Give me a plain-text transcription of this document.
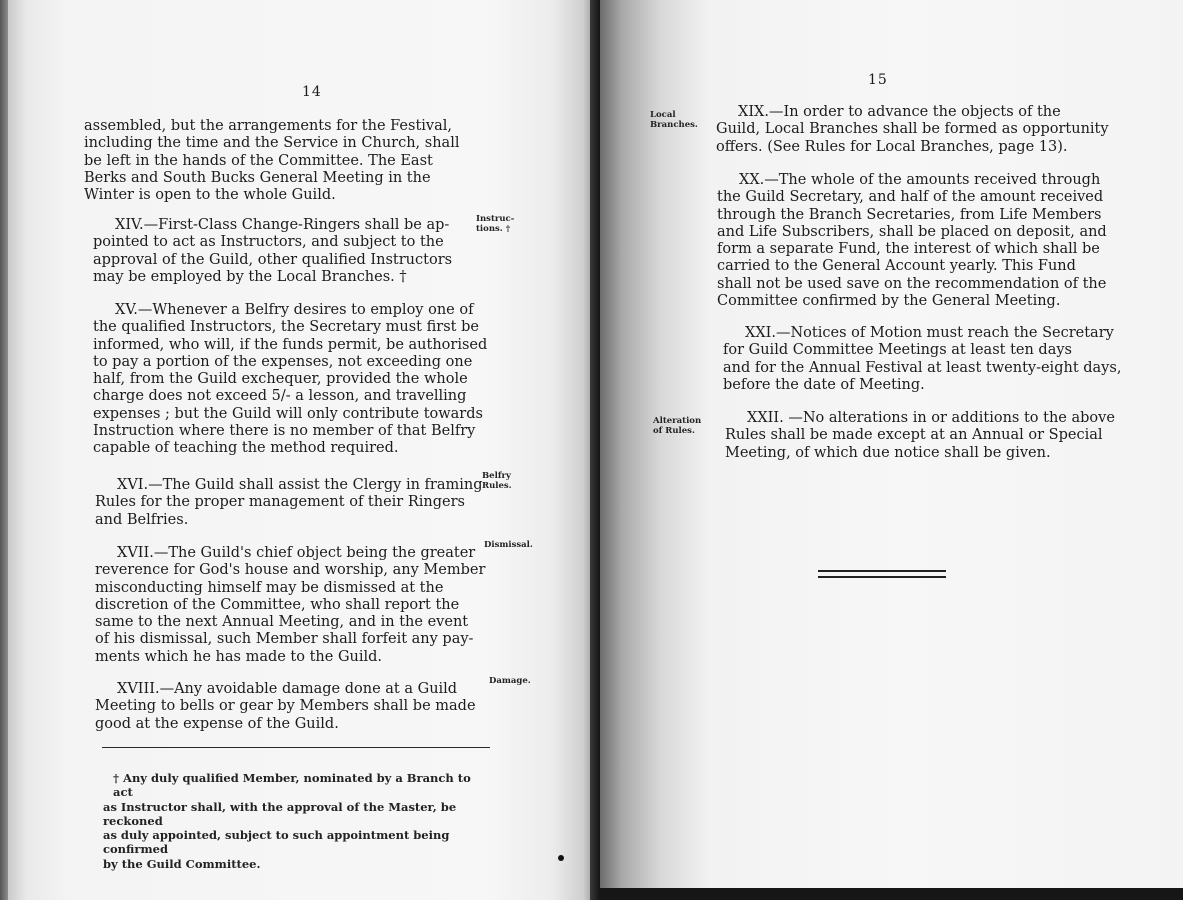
14
assembled, but the arrangements for the Festival,
including the time and the Service in Church, shall
be left in the hands of the Committee. The East
Berks and South Bucks General Meeting in the
Winter is open to the whole Guild.
XIV.—First-Class Change-Ringers shall be ap-
pointed to act as Instructors, and subject to the
approval of the Guild, other qualified Instructors
may be employed by the Local Branches. †
Instruc-
tions. †
XV.—Whenever a Belfry desires to employ one of
the qualified Instructors, the Secretary must first be
informed, who will, if the funds permit, be authorised
to pay a portion of the expenses, not exceeding one
half, from the Guild exchequer, provided the whole
charge does not exceed 5/- a lesson, and travelling
expenses ; but the Guild will only contribute towards
Instruction where there is no member of that Belfry
capable of teaching the method required.
XVI.—The Guild shall assist the Clergy in framing
Rules for the proper management of their Ringers
and Belfries.
Belfry
Rules.
XVII.—The Guild's chief object being the greater
reverence for God's house and worship, any Member
misconducting himself may be dismissed at the
discretion of the Committee, who shall report the
same to the next Annual Meeting, and in the event
of his dismissal, such Member shall forfeit any pay-
ments which he has made to the Guild.
Dismissal.
XVIII.—Any avoidable damage done at a Guild
Meeting to bells or gear by Members shall be made
good at the expense of the Guild.
Damage.
† Any duly qualified Member, nominated by a Branch to act
as Instructor shall, with the approval of the Master, be reckoned
as duly appointed, subject to such appointment being confirmed
by the Guild Committee.
15
Local
Branches.
XIX.—In order to advance the objects of the
Guild, Local Branches shall be formed as opportunity
offers. (See Rules for Local Branches, page 13).
XX.—The whole of the amounts received through
the Guild Secretary, and half of the amount received
through the Branch Secretaries, from Life Members
and Life Subscribers, shall be placed on deposit, and
form a separate Fund, the interest of which shall be
carried to the General Account yearly. This Fund
shall not be used save on the recommendation of the
Committee confirmed by the General Meeting.
XXI.—Notices of Motion must reach the Secretary
for Guild Committee Meetings at least ten days
and for the Annual Festival at least twenty-eight days,
before the date of Meeting.
Alteration
of Rules.
XXII. —No alterations in or additions to the above
Rules shall be made except at an Annual or Special
Meeting, of which due notice shall be given.
